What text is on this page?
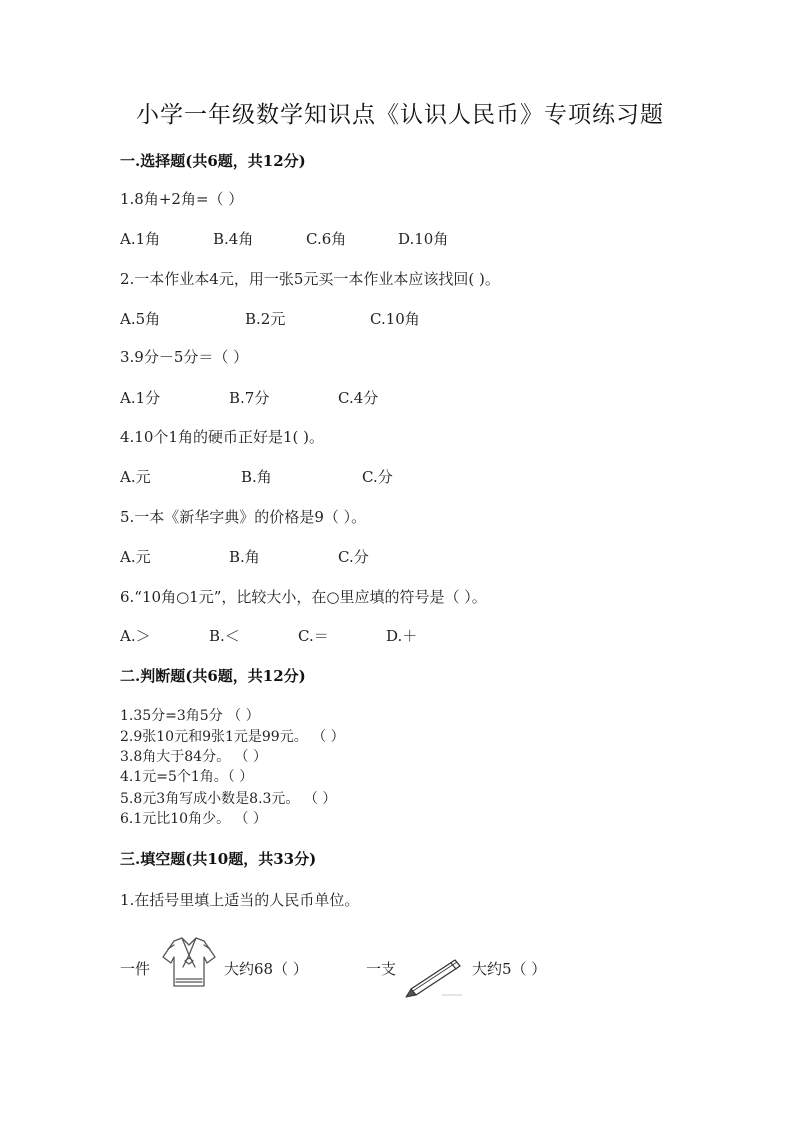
小学一年级数学知识点《认识人民币》专项练习题
一.选择题(共6题，共12分)
1.8角+2角=（ ）
A.1角	B.4角	C.6角	D.10角
2.一本作业本4元，用一张5元买一本作业本应该找回( )。
A.5角	B.2元	C.10角
3.9分－5分＝（ ）
A.1分	B.7分	C.4分
4.10个1角的硬币正好是1( )。
A.元	B.角	C.分
5.一本《新华字典》的价格是9（ ）。
A.元	B.角	C.分
6.“10角○1元”，比较大小，在○里应填的符号是（ ）。
A.＞	B.＜	C.＝	D.＋
二.判断题(共6题，共12分)
1.35分=3角5分 （ ）
2.9张10元和9张1元是99元。 （ ）
3.8角大于84分。 （ ）
4.1元=5个1角。（ ）
5.8元3角写成小数是8.3元。 （ ）
6.1元比10角少。 （ ）
三.填空题(共10题，共33分)
1.在括号里填上适当的人民币单位。
一件	大约68（ ）	一支	大约5（ ）
